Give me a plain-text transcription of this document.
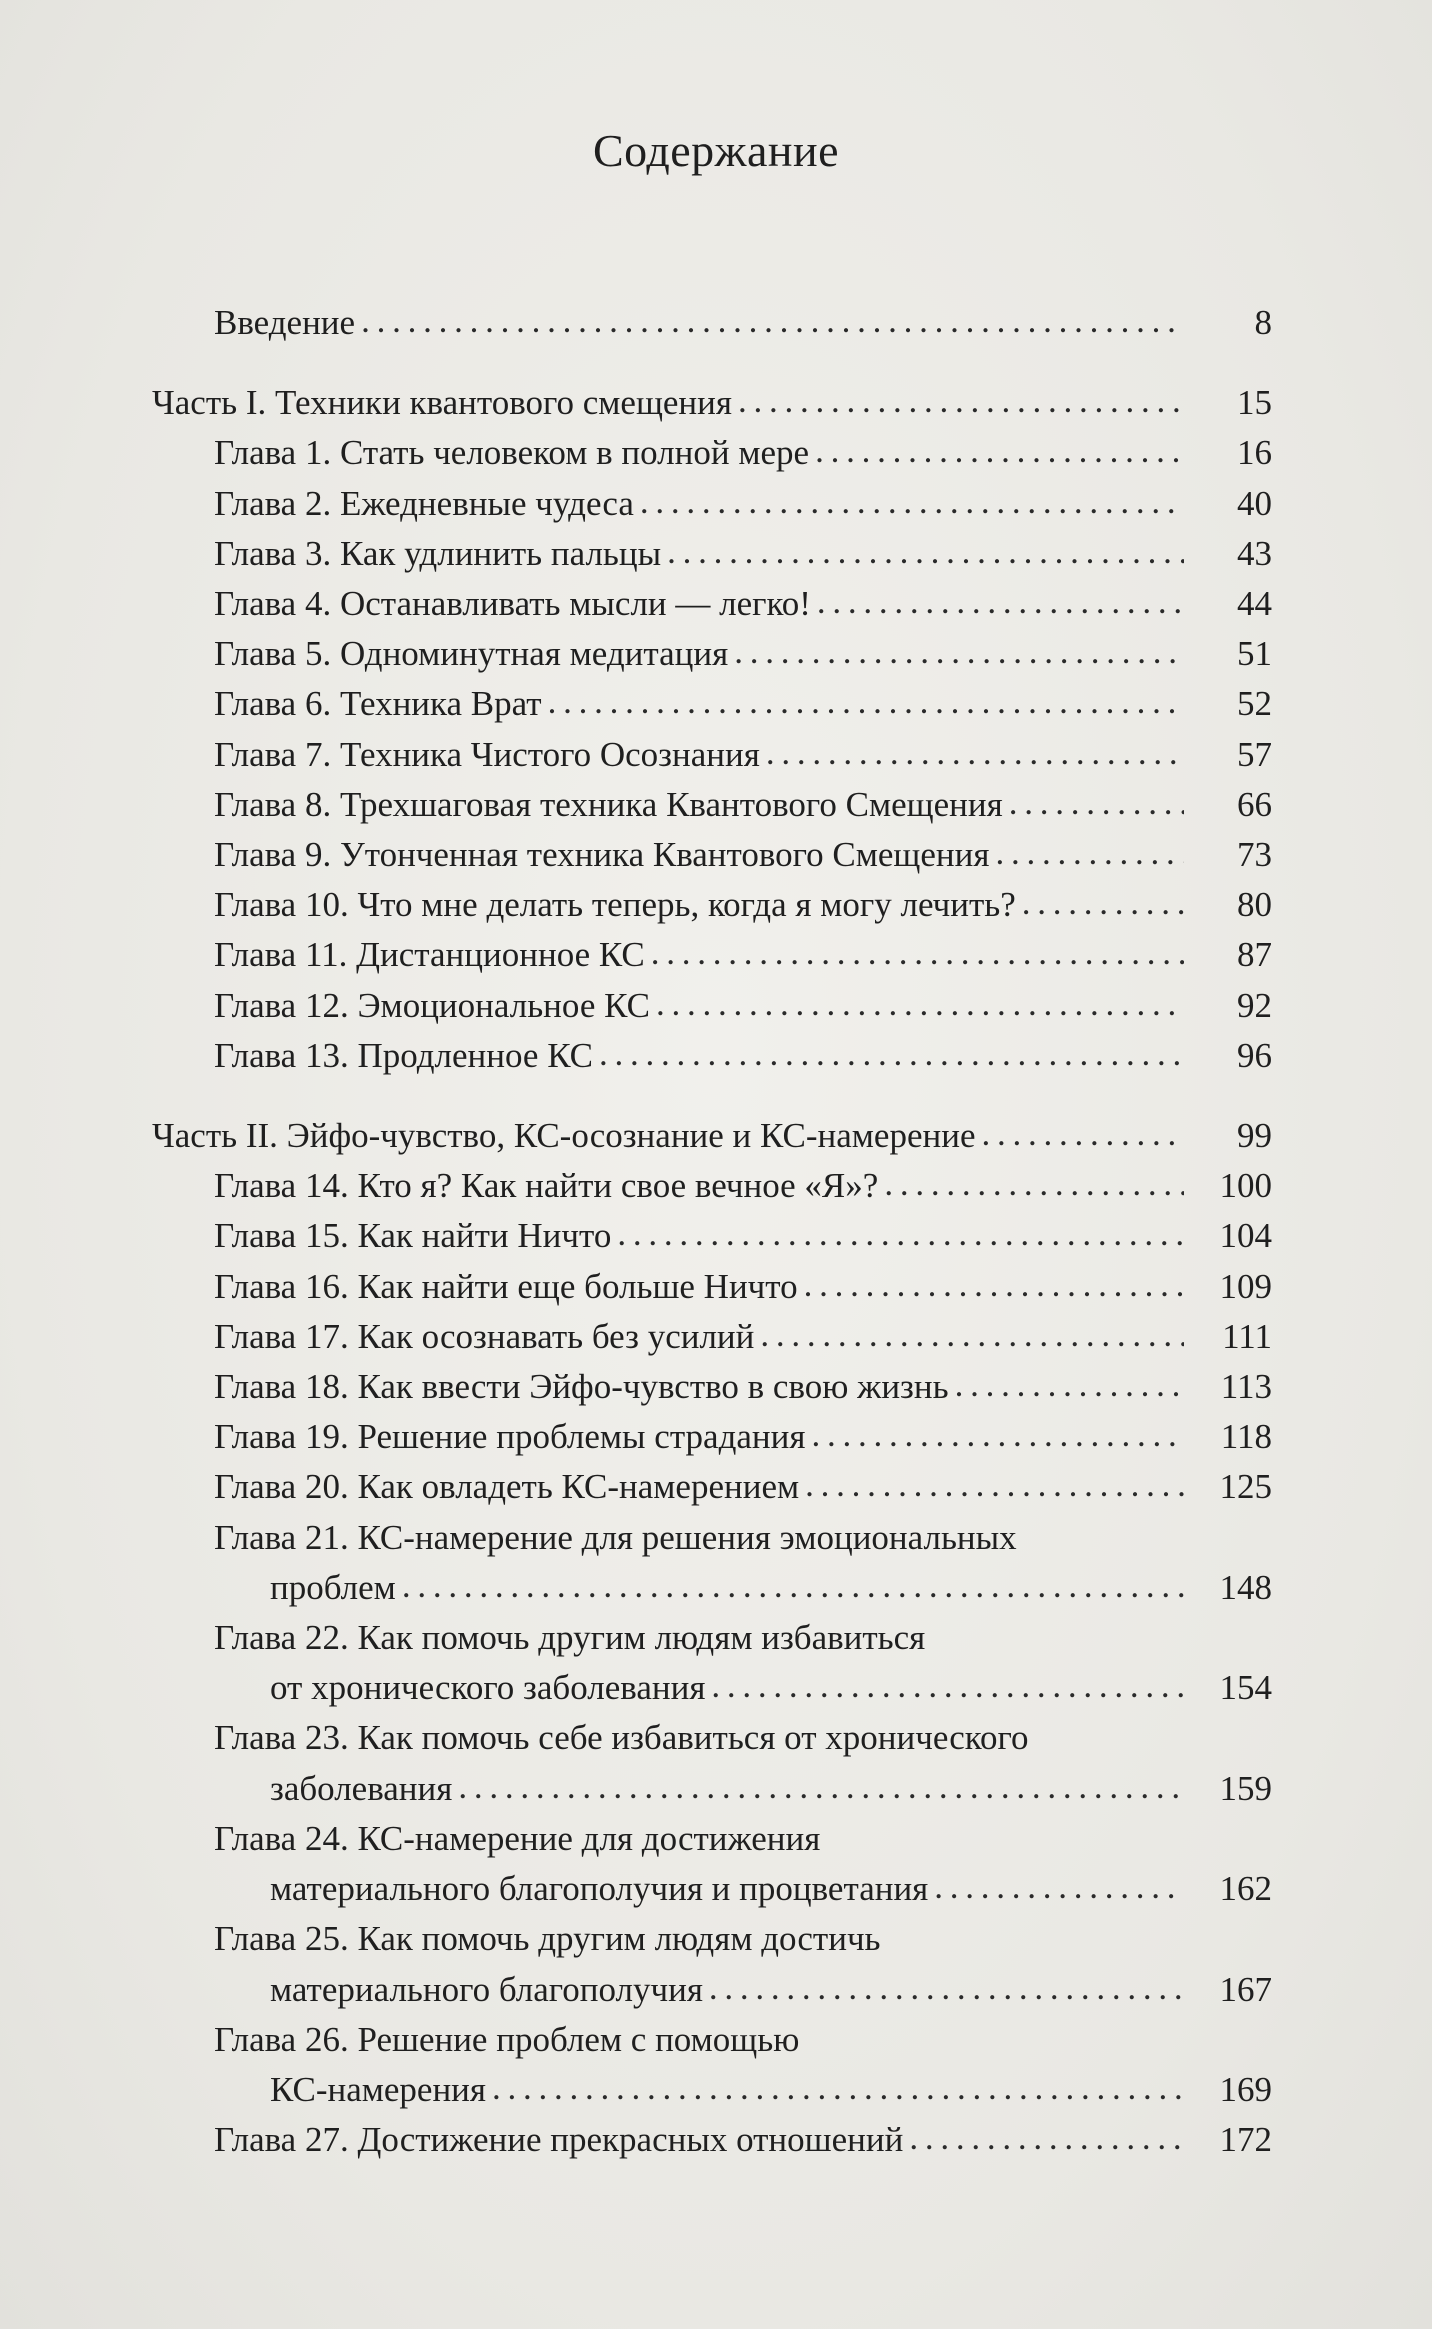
Содержание
Введение . . .	8
Часть I. Техники квантового смещения . . .	15
Глава 1. Стать человеком в полной мере . . .	16
Глава 2. Ежедневные чудеса . . .	40
Глава 3. Как удлинить пальцы . . .	43
Глава 4. Останавливать мысли — легко! . . .	44
Глава 5. Одноминутная медитация . . .	51
Глава 6. Техника Врат . . .	52
Глава 7. Техника Чистого Осознания . . .	57
Глава 8. Трехшаговая техника Квантового Смещения . . .	66
Глава 9. Утонченная техника Квантового Смещения . . .	73
Глава 10. Что мне делать теперь, когда я могу лечить? . . .	80
Глава 11. Дистанционное КС . . .	87
Глава 12. Эмоциональное КС . . .	92
Глава 13. Продленное КС . . .	96
Часть II. Эйфо-чувство, КС-осознание и КС-намерение . . .	99
Глава 14. Кто я? Как найти свое вечное «Я»? . . .	100
Глава 15. Как найти Ничто . . .	104
Глава 16. Как найти еще больше Ничто . . .	109
Глава 17. Как осознавать без усилий . . .	111
Глава 18. Как ввести Эйфо-чувство в свою жизнь . . .	113
Глава 19. Решение проблемы страдания . . .	118
Глава 20. Как овладеть КС-намерением . . .	125
Глава 21. КС-намерение для решения эмоциональных
проблем . . .	148
Глава 22. Как помочь другим людям избавиться
от хронического заболевания . . .	154
Глава 23. Как помочь себе избавиться от хронического
заболевания . . .	159
Глава 24. КС-намерение для достижения
материального благополучия и процветания . . .	162
Глава 25. Как помочь другим людям достичь
материального благополучия . . .	167
Глава 26. Решение проблем с помощью
КС-намерения . . .	169
Глава 27. Достижение прекрасных отношений . . .	172
